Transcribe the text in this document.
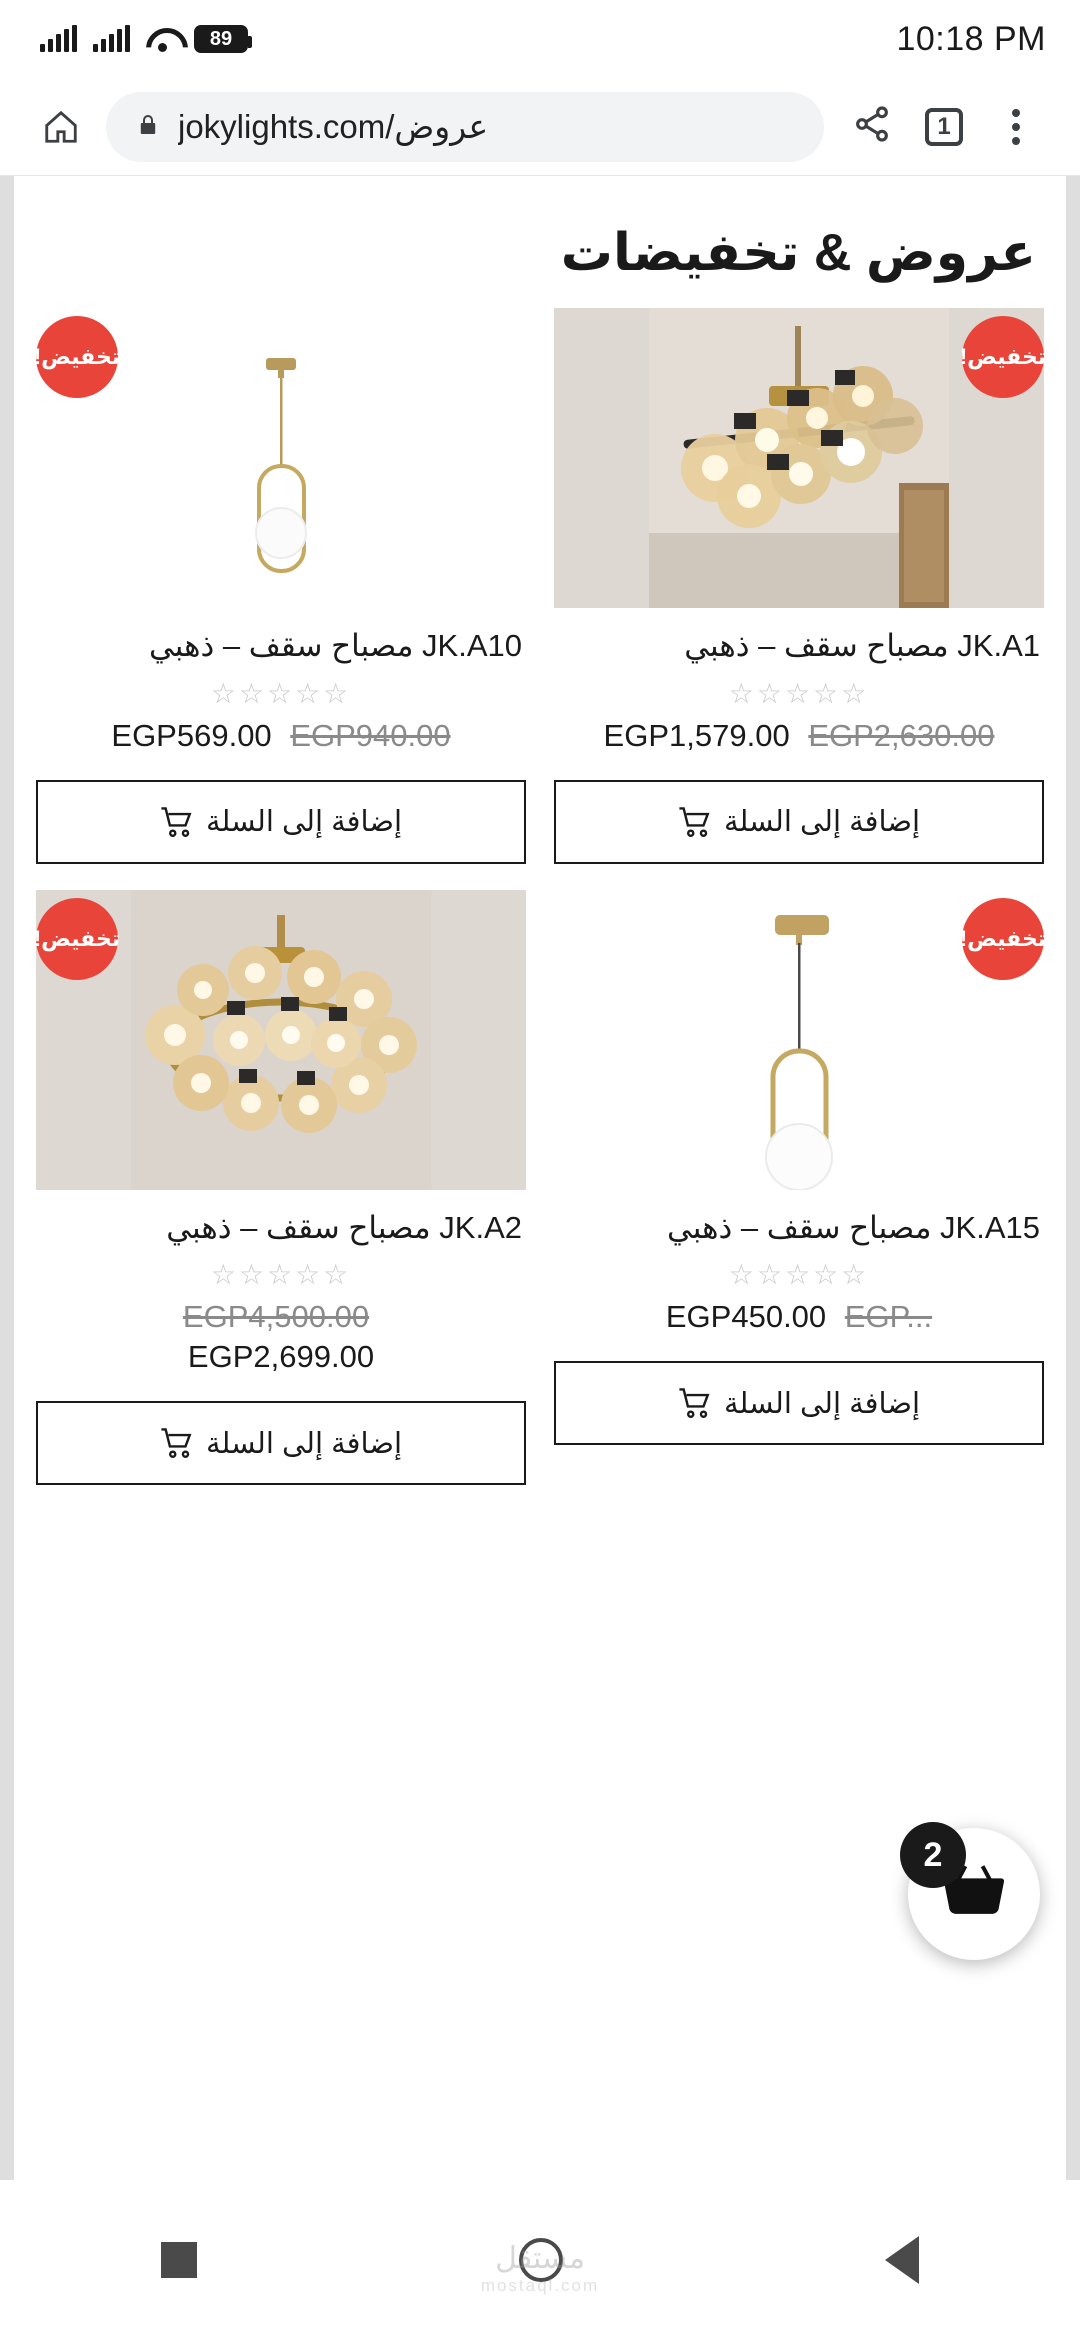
10:18 PM
89
jokylights.com/عروض	1
عروض & تخفيضات
تخفيض!
JK.A1 مصباح سقف – ذهبي
☆☆☆☆☆
EGP1,579.00 EGP2,630.00
إضافة إلى السلة
تخفيض!
JK.A10 مصباح سقف – ذهبي
☆☆☆☆☆
EGP569.00 EGP940.00
إضافة إلى السلة
تخفيض!
JK.A15 مصباح سقف – ذهبي
☆☆☆☆☆
EGP450.00 EGP...
إضافة إلى السلة
تخفيض!
JK.A2 مصباح سقف – ذهبي
☆☆☆☆☆
EGP4,500.00
EGP2,699.00
إضافة إلى السلة
2
مستقل
mostaql.com
